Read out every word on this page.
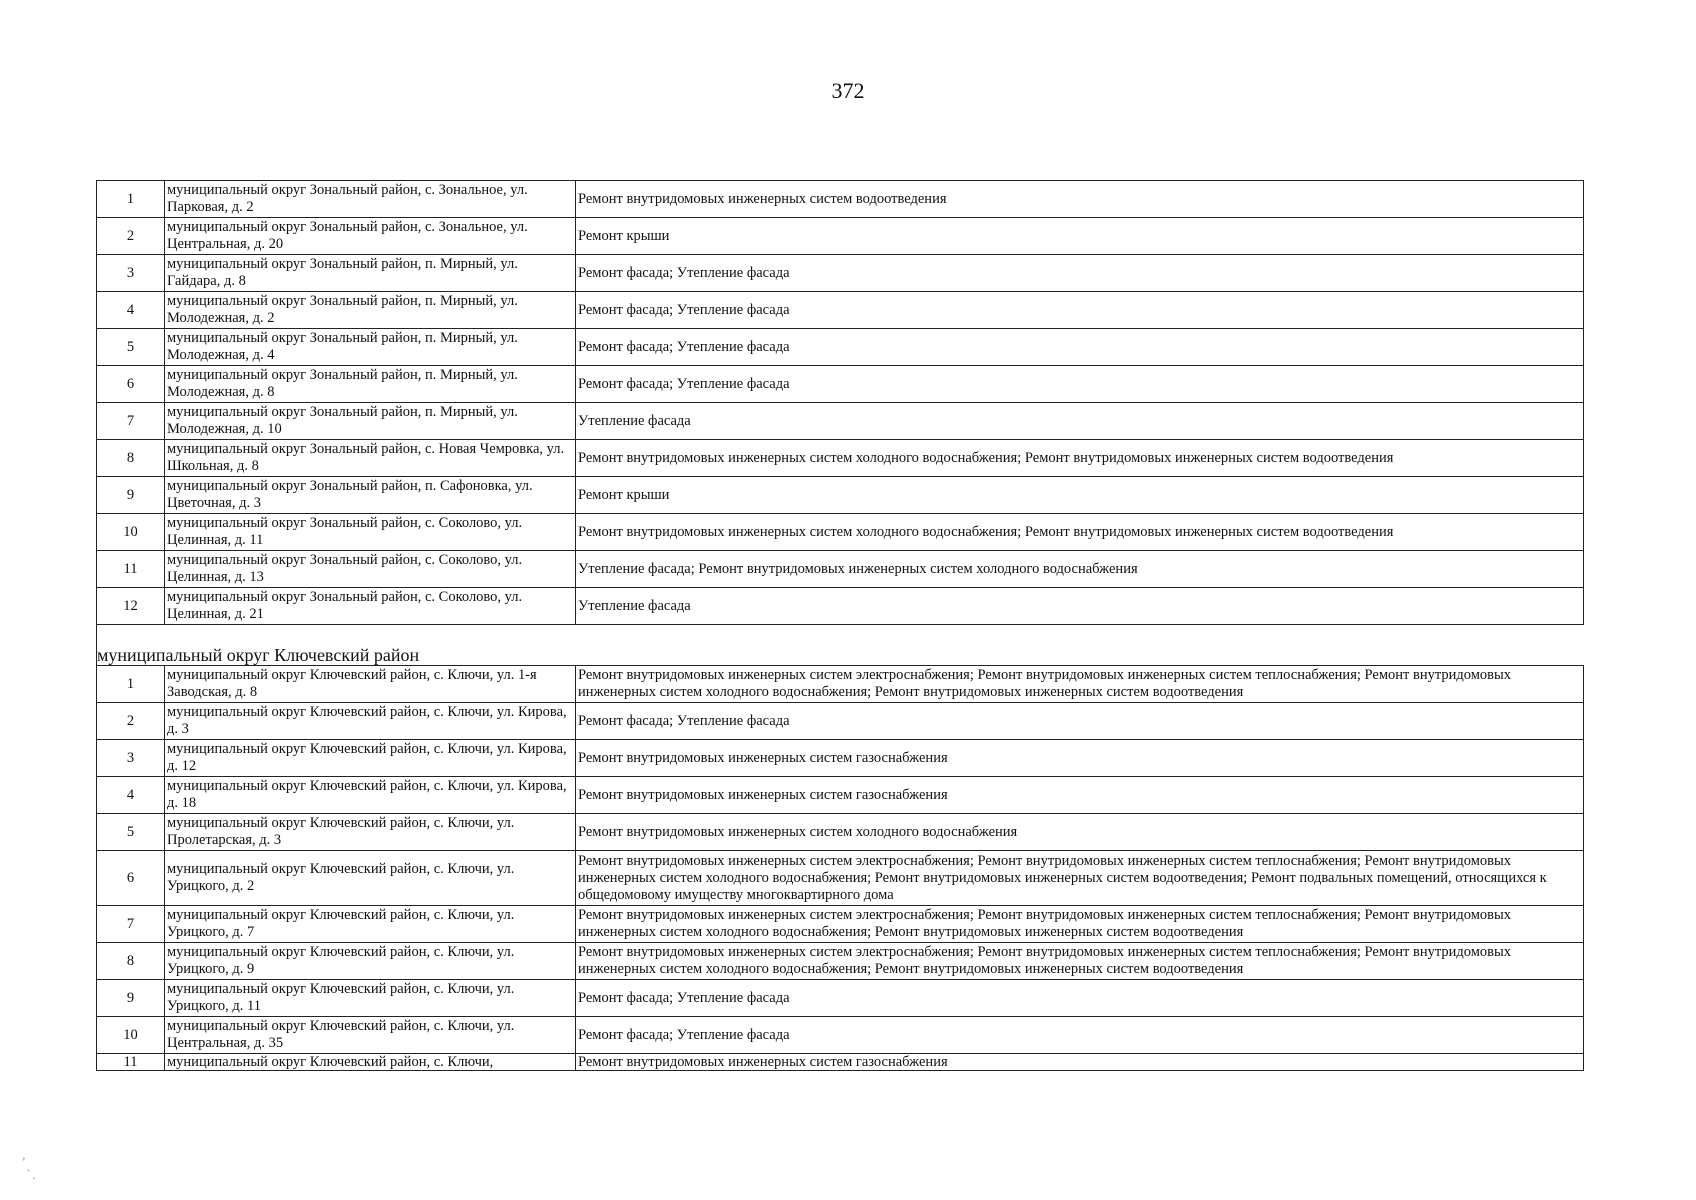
372
1	муниципальный округ Зональный район, с. Зональное, ул. Парковая, д. 2	Ремонт внутридомовых инженерных систем водоотведения
2	муниципальный округ Зональный район, с. Зональное, ул. Центральная, д. 20	Ремонт крыши
3	муниципальный округ Зональный район, п. Мирный, ул. Гайдара, д. 8	Ремонт фасада; Утепление фасада
4	муниципальный округ Зональный район, п. Мирный, ул. Молодежная, д. 2	Ремонт фасада; Утепление фасада
5	муниципальный округ Зональный район, п. Мирный, ул. Молодежная, д. 4	Ремонт фасада; Утепление фасада
6	муниципальный округ Зональный район, п. Мирный, ул. Молодежная, д. 8	Ремонт фасада; Утепление фасада
7	муниципальный округ Зональный район, п. Мирный, ул. Молодежная, д. 10	Утепление фасада
8	муниципальный округ Зональный район, с. Новая Чемровка, ул. Школьная, д. 8	Ремонт внутридомовых инженерных систем холодного водоснабжения; Ремонт внутридомовых инженерных систем водоотведения
9	муниципальный округ Зональный район, п. Сафоновка, ул. Цветочная, д. 3	Ремонт крыши
10	муниципальный округ Зональный район, с. Соколово, ул. Целинная, д. 11	Ремонт внутридомовых инженерных систем холодного водоснабжения; Ремонт внутридомовых инженерных систем водоотведения
11	муниципальный округ Зональный район, с. Соколово, ул. Целинная, д. 13	Утепление фасада; Ремонт внутридомовых инженерных систем холодного водоснабжения
12	муниципальный округ Зональный район, с. Соколово, ул. Целинная, д. 21	Утепление фасада
муниципальный округ Ключевский район		
1	муниципальный округ Ключевский район, с. Ключи, ул. 1-я Заводская, д. 8	Ремонт внутридомовых инженерных систем электроснабжения; Ремонт внутридомовых инженерных систем теплоснабжения; Ремонт внутридомовых инженерных систем холодного водоснабжения; Ремонт внутридомовых инженерных систем водоотведения
2	муниципальный округ Ключевский район, с. Ключи, ул. Кирова, д. 3	Ремонт фасада; Утепление фасада
3	муниципальный округ Ключевский район, с. Ключи, ул. Кирова, д. 12	Ремонт внутридомовых инженерных систем газоснабжения
4	муниципальный округ Ключевский район, с. Ключи, ул. Кирова, д. 18	Ремонт внутридомовых инженерных систем газоснабжения
5	муниципальный округ Ключевский район, с. Ключи, ул. Пролетарская, д. 3	Ремонт внутридомовых инженерных систем холодного водоснабжения
6	муниципальный округ Ключевский район, с. Ключи, ул. Урицкого, д. 2	Ремонт внутридомовых инженерных систем электроснабжения; Ремонт внутридомовых инженерных систем теплоснабжения; Ремонт внутридомовых инженерных систем холодного водоснабжения; Ремонт внутридомовых инженерных систем водоотведения; Ремонт подвальных помещений, относящихся к общедомовому имуществу многоквартирного дома
7	муниципальный округ Ключевский район, с. Ключи, ул. Урицкого, д. 7	Ремонт внутридомовых инженерных систем электроснабжения; Ремонт внутридомовых инженерных систем теплоснабжения; Ремонт внутридомовых инженерных систем холодного водоснабжения; Ремонт внутридомовых инженерных систем водоотведения
8	муниципальный округ Ключевский район, с. Ключи, ул. Урицкого, д. 9	Ремонт внутридомовых инженерных систем электроснабжения; Ремонт внутридомовых инженерных систем теплоснабжения; Ремонт внутридомовых инженерных систем холодного водоснабжения; Ремонт внутридомовых инженерных систем водоотведения
9	муниципальный округ Ключевский район, с. Ключи, ул. Урицкого, д. 11	Ремонт фасада; Утепление фасада
10	муниципальный округ Ключевский район, с. Ключи, ул. Центральная, д. 35	Ремонт фасада; Утепление фасада
11	муниципальный округ Ключевский район, с. Ключи,	Ремонт внутридомовых инженерных систем газоснабжения
,
`.
